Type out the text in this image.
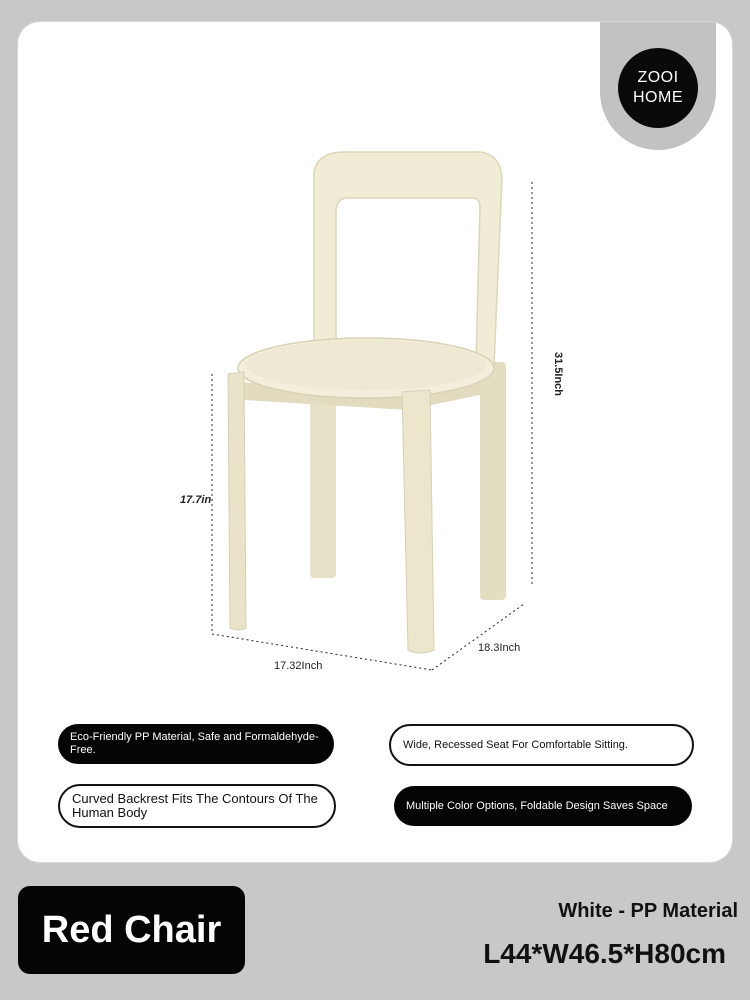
ZOOI
HOME
31.5Inch
17.7in
17.32Inch
18.3Inch
Eco-Friendly PP Material, Safe and Formaldehyde-Free.	Wide, Recessed Seat For Comfortable Sitting.
Curved Backrest Fits The Contours Of The Human Body	Multiple Color Options, Foldable Design Saves Space
Red Chair	White - PP Material
L44*W46.5*H80cm
